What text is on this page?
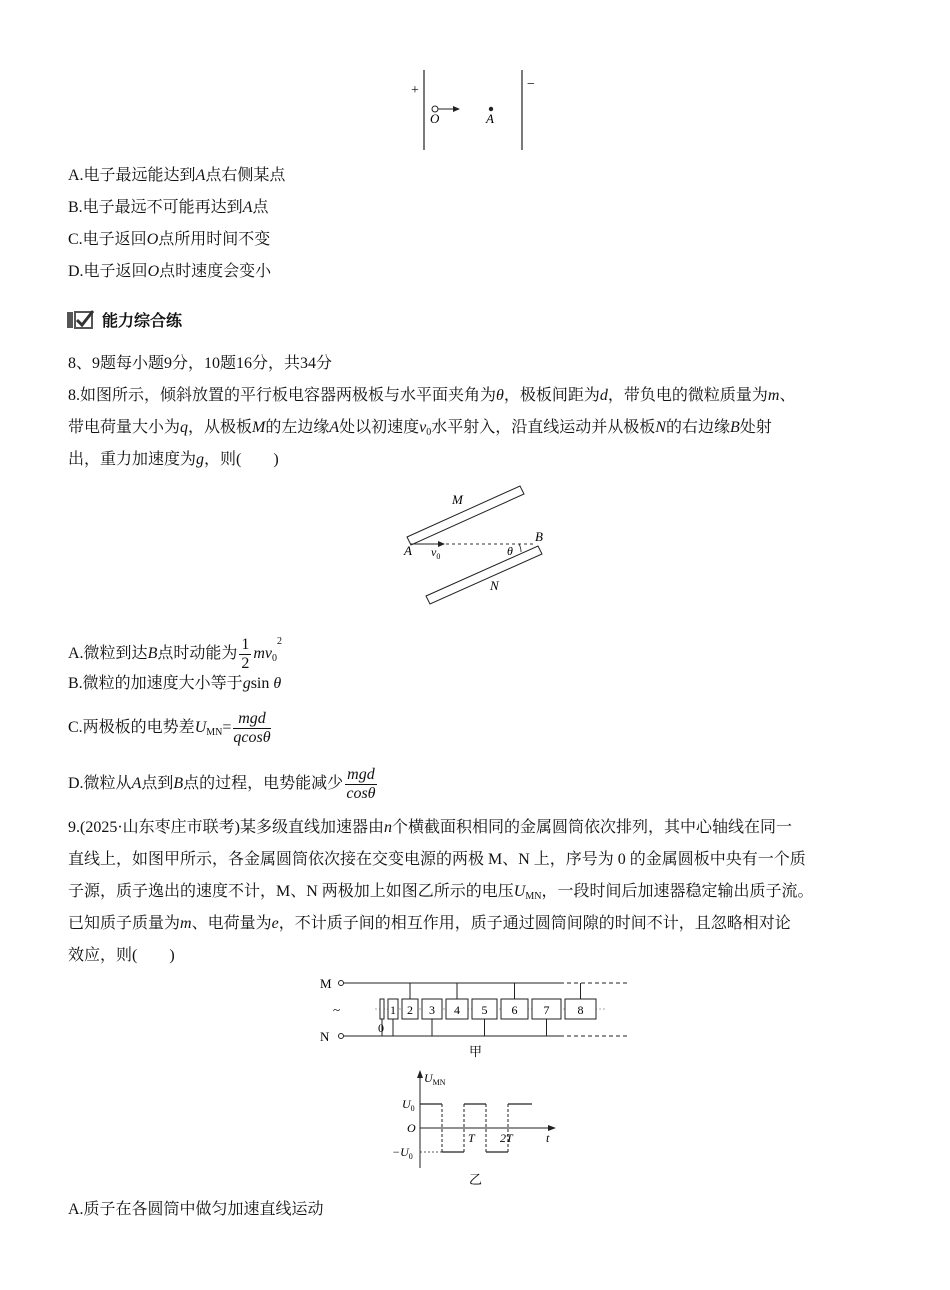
+	−
O	A
A.电子最远能达到A点右侧某点
B.电子最远不可能再达到A点
C.电子返回O点所用时间不变
D.电子返回O点时速度会变小
能力综合练
8、9题每小题9分，10题16分，共34分
8.如图所示，倾斜放置的平行板电容器两极板与水平面夹角为θ，极板间距为d，带负电的微粒质量为m、
带电荷量大小为q，从极板M的左边缘A处以初速度$v_0$水平射入，沿直线运动并从极板N的右边缘B处射
出，重力加速度为g，则(　　)
M
N
A
B
$v_0$	θ
A.微粒到达B点时动能为 $\frac{1}{2} mv_0^2$
B.微粒的加速度大小等于gsin θ
C.两极板的电势差$U_{MN}= \frac{\text{mgd}}{qcos\theta}$
D.微粒从A点到B点的过程，电势能减少 $\frac{\text{mgd}}{\cos\theta}$
9.(2025·山东枣庄市联考)某多级直线加速器由n个横截面积相同的金属圆筒依次排列，其中心轴线在同一
直线上，如图甲所示，各金属圆筒依次接在交变电源的两极 M、N 上，序号为 0 的金属圆板中央有一个质
子源，质子逸出的速度不计，M、N 两极加上如图乙所示的电压$U_{MN}$，一段时间后加速器稳定输出质子流。
已知质子质量为m、电荷量为e，不计质子间的相互作用，质子通过圆筒间隙的时间不计，且忽略相对论
效应，则(　　)
M
~
N
0
1 2 3 4 5 6 7 8
甲
$U_{MN}$
$U_0$
O
$-U_0$
T 2T	t
乙
A.质子在各圆筒中做匀加速直线运动
